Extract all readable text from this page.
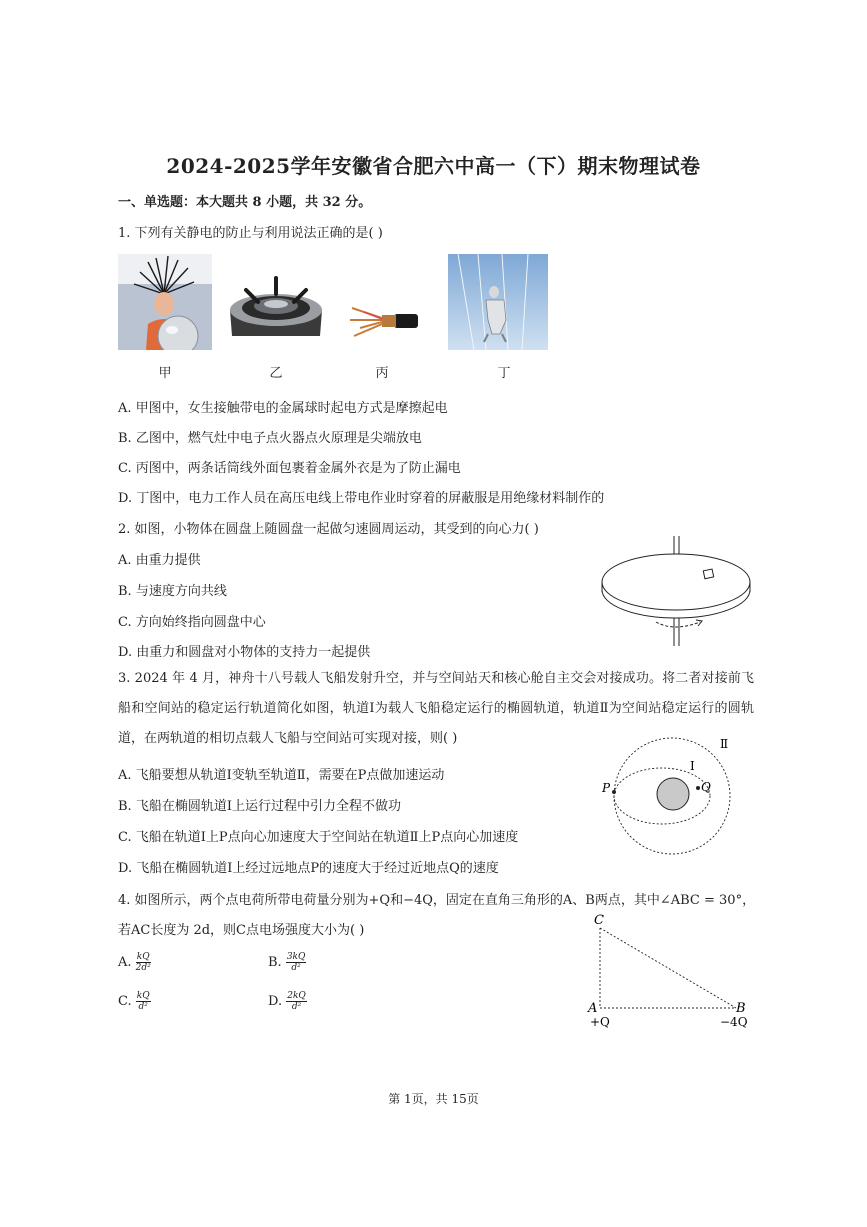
2024-2025学年安徽省合肥六中高一（下）期末物理试卷
一、单选题：本大题共 8 小题，共 32 分。
1. 下列有关静电的防止与利用说法正确的是( )
甲	乙	丙	丁
A. 甲图中，女生接触带电的金属球时起电方式是摩擦起电
B. 乙图中，燃气灶中电子点火器点火原理是尖端放电
C. 丙图中，两条话筒线外面包裹着金属外衣是为了防止漏电
D. 丁图中，电力工作人员在高压电线上带电作业时穿着的屏蔽服是用绝缘材料制作的
2. 如图，小物体在圆盘上随圆盘一起做匀速圆周运动，其受到的向心力( )
A. 由重力提供
B. 与速度方向共线
C. 方向始终指向圆盘中心
D. 由重力和圆盘对小物体的支持力一起提供
3. 2024 年 4 月，神舟十八号载人飞船发射升空，并与空间站天和核心舱自主交会对接成功。将二者对接前飞船和空间站的稳定运行轨道简化如图，轨道Ⅰ为载人飞船稳定运行的椭圆轨道，轨道Ⅱ为空间站稳定运行的圆轨道，在两轨道的相切点载人飞船与空间站可实现对接，则( )
A. 飞船要想从轨道Ⅰ变轨至轨道Ⅱ，需要在P点做加速运动
B. 飞船在椭圆轨道Ⅰ上运行过程中引力全程不做功
C. 飞船在轨道Ⅰ上P点向心加速度大于空间站在轨道Ⅱ上P点向心加速度
D. 飞船在椭圆轨道Ⅰ上经过远地点P的速度大于经过近地点Q的速度
Ⅱ
Ⅰ
P	Q
4. 如图所示，两个点电荷所带电荷量分别为+Q和−4Q，固定在直角三角形的A、B两点，其中∠ABC = 30°，
若AC长度为 2d，则C点电场强度大小为( )
A. $\frac{kQ}{\text{2d²}}$	B. $\frac{3kQ}{\text{d²}}$
C. $\frac{kQ}{\text{d²}}$	D. $\frac{2kQ}{\text{d²}}$
C
A	B
+Q	−4Q
第 1页，共 15页
